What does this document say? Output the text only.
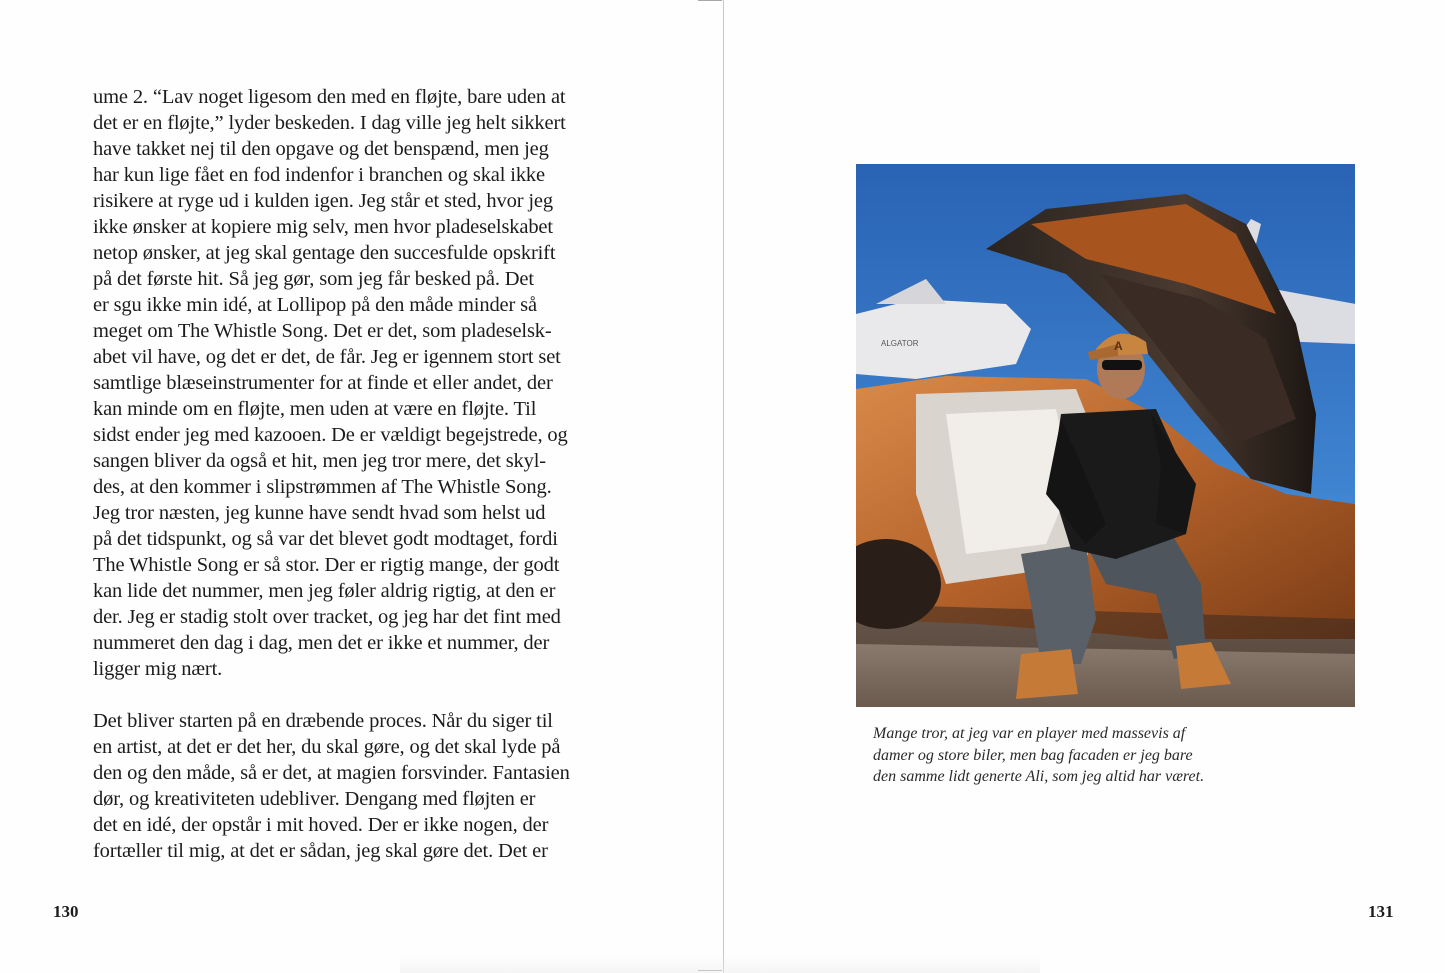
ume 2. “Lav noget ligesom den med en fløjte, bare uden at
det er en fløjte,” lyder beskeden. I dag ville jeg helt sikkert
have takket nej til den opgave og det benspænd, men jeg
har kun lige fået en fod indenfor i branchen og skal ikke
risikere at ryge ud i kulden igen. Jeg står et sted, hvor jeg
ikke ønsker at kopiere mig selv, men hvor pladeselskabet
netop ønsker, at jeg skal gentage den succesfulde opskrift
på det første hit. Så jeg gør, som jeg får besked på. Det
er sgu ikke min idé, at Lollipop på den måde minder så
meget om The Whistle Song. Det er det, som pladeselsk-
abet vil have, og det er det, de får. Jeg er igennem stort set
samtlige blæseinstrumenter for at finde et eller andet, der
kan minde om en fløjte, men uden at være en fløjte. Til
sidst ender jeg med kazooen. De er vældigt begejstrede, og
sangen bliver da også et hit, men jeg tror mere, det skyl-
des, at den kommer i slipstrømmen af The Whistle Song.
Jeg tror næsten, jeg kunne have sendt hvad som helst ud
på det tidspunkt, og så var det blevet godt modtaget, fordi
The Whistle Song er så stor. Der er rigtig mange, der godt
kan lide det nummer, men jeg føler aldrig rigtig, at den er
der. Jeg er stadig stolt over tracket, og jeg har det fint med
nummeret den dag i dag, men det er ikke et nummer, der
ligger mig nært.

Det bliver starten på en dræbende proces. Når du siger til
en artist, at det er det her, du skal gøre, og det skal lyde på
den og den måde, så er det, at magien forsvinder. Fantasien
dør, og kreativiteten udebliver. Dengang med fløjten er
det en idé, der opstår i mit hoved. Der er ikke nogen, der
fortæller til mig, at det er sådan, jeg skal gøre det. Det er

130
ALGATOR	A

Mange tror, at jeg var en player med massevis af
damer og store biler, men bag facaden er jeg bare
den samme lidt generte Ali, som jeg altid har været.

131
